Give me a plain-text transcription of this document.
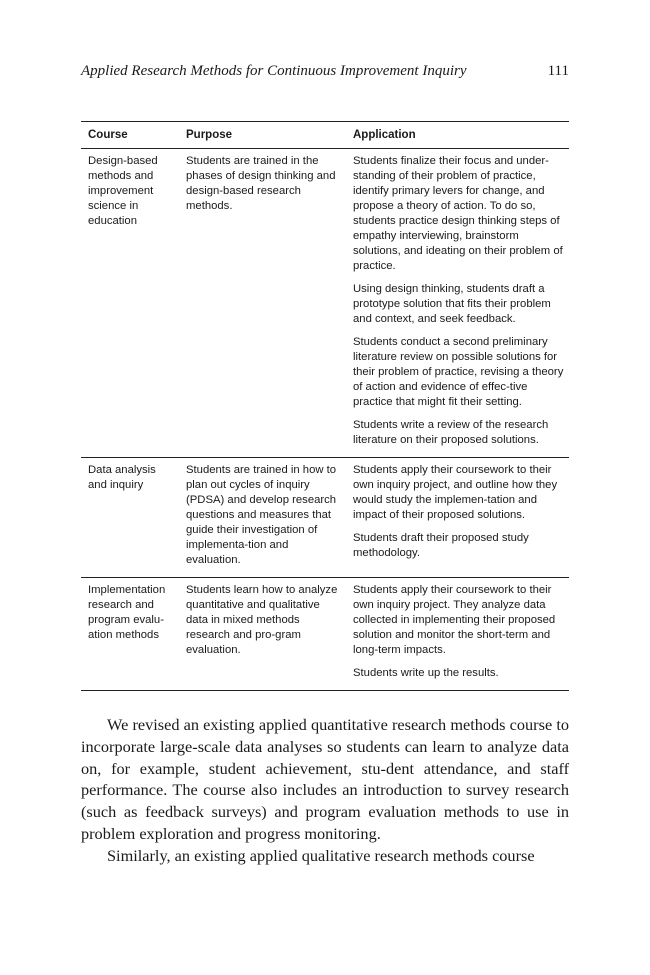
Applied Research Methods for Continuous Improvement Inquiry	111
Course	Purpose	Application
Design-based methods and improvement science in education	Students are trained in the phases of design thinking and design-based research methods.	Students finalize their focus and under-standing of their problem of practice, identify primary levers for change, and propose a theory of action. To do so, students practice design thinking steps of empathy interviewing, brainstorm solutions, and ideating on their problem of practice.

Using design thinking, students draft a prototype solution that fits their problem and context, and seek feedback.

Students conduct a second preliminary literature review on possible solutions for their problem of practice, revising a theory of action and evidence of effec-tive practice that might fit their setting.

Students write a review of the research literature on their proposed solutions.

Data analysis and inquiry	Students are trained in how to plan out cycles of inquiry (PDSA) and develop research questions and measures that guide their investigation of implementa-tion and evaluation.	Students apply their coursework to their own inquiry project, and outline how they would study the implemen-tation and impact of their proposed solutions.

Students draft their proposed study methodology.

Implementation research and program evalu-ation methods	Students learn how to analyze quantitative and qualitative data in mixed methods research and pro-gram evaluation.	Students apply their coursework to their own inquiry project. They analyze data collected in implementing their proposed solution and monitor the short-term and long-term impacts.

Students write up the results.

We revised an existing applied quantitative research methods course to incorporate large-scale data analyses so students can learn to analyze data on, for example, student achievement, stu-dent attendance, and staff performance. The course also includes an introduction to survey research (such as feedback surveys) and program evaluation methods to use in problem exploration and progress monitoring.

Similarly, an existing applied qualitative research methods course
